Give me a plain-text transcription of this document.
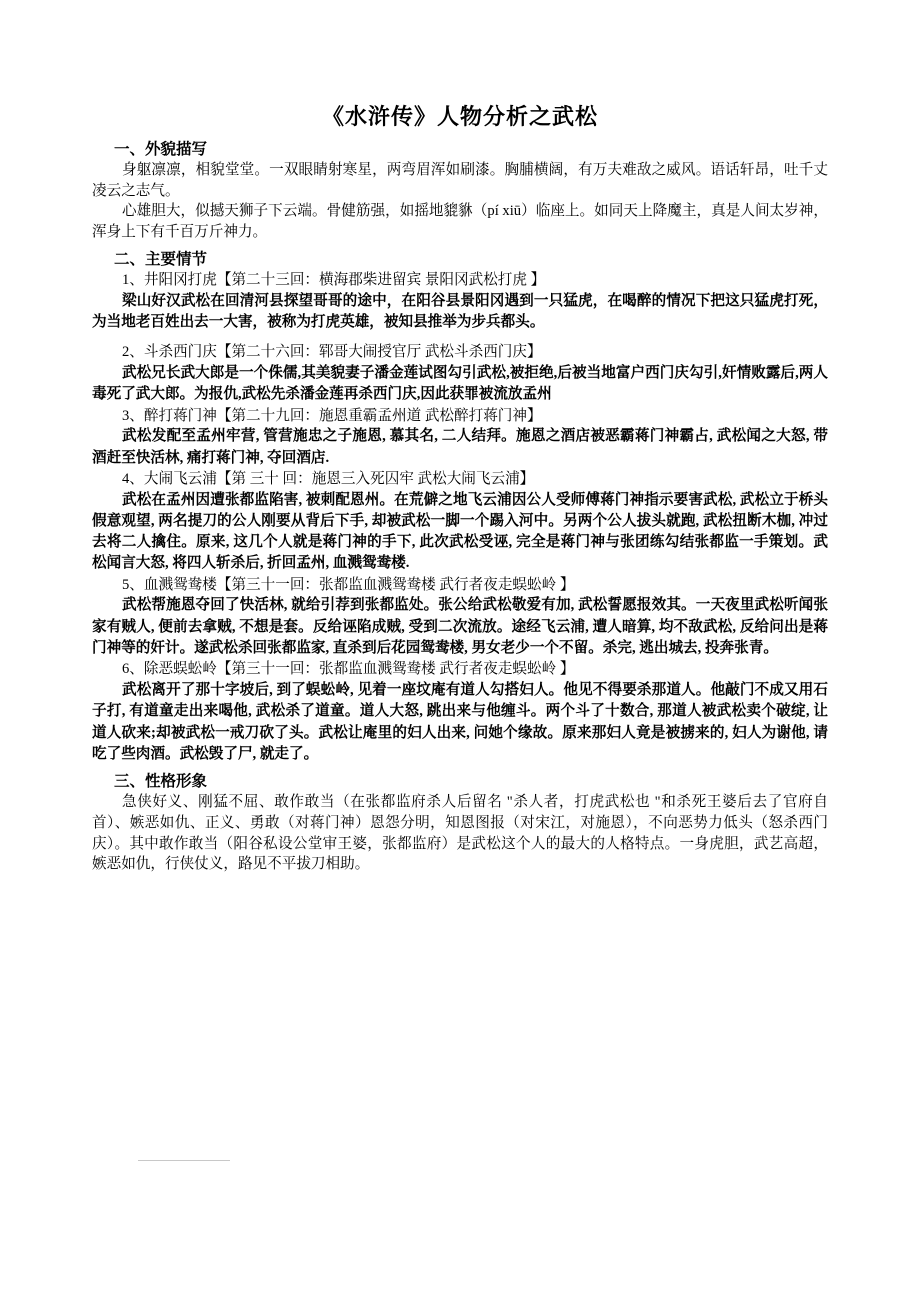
《水浒传》人物分析之武松
一、外貌描写

身躯凛凛，相貌堂堂。一双眼睛射寒星，两弯眉浑如刷漆。胸脯横阔，有万夫难敌之威风。语话轩昂，吐千丈凌云之志气。

心雄胆大，似撼天狮子下云端。骨健筋强，如摇地貔貅（pí xiū）临座上。如同天上降魔主，真是人间太岁神，浑身上下有千百万斤神力。

二、主要情节

1、井阳冈打虎【第二十三回：横海郡柴进留宾 景阳冈武松打虎 】

梁山好汉武松在回清河县探望哥哥的途中，在阳谷县景阳冈遇到一只猛虎，在喝醉的情况下把这只猛虎打死，为当地老百姓出去一大害，被称为打虎英雄，被知县推举为步兵都头。

2、斗杀西门庆【第二十六回：郓哥大闹授官厅 武松斗杀西门庆】

武松兄长武大郎是一个侏儒,其美貌妻子潘金莲试图勾引武松,被拒绝,后被当地富户西门庆勾引,奸情败露后,两人毒死了武大郎。为报仇,武松先杀潘金莲再杀西门庆,因此获罪被流放孟州

3、醉打蒋门神【第二十九回：施恩重霸孟州道 武松醉打蒋门神】

武松发配至孟州牢营, 管营施忠之子施恩, 慕其名, 二人结拜。施恩之酒店被恶霸蒋门神霸占, 武松闻之大怒, 带酒赶至快活林, 痛打蒋门神, 夺回酒店.

4、大闹飞云浦【第 三十 回：施恩三入死囚牢 武松大闹飞云浦】

武松在孟州因遭张都监陷害, 被刺配恩州。在荒僻之地飞云浦因公人受师傅蒋门神指示要害武松, 武松立于桥头假意观望, 两名提刀的公人刚要从背后下手, 却被武松一脚一个踢入河中。另两个公人拔头就跑, 武松扭断木枷, 冲过去将二人擒住。原来, 这几个人就是蒋门神的手下, 此次武松受诬, 完全是蒋门神与张团练勾结张都监一手策划。武松闻言大怒, 将四人斩杀后, 折回孟州, 血溅鸳鸯楼.

5、血溅鸳鸯楼【第三十一回：张都监血溅鸳鸯楼 武行者夜走蜈蚣岭 】

武松帮施恩夺回了快活林, 就给引荐到张都监处。张公给武松敬爱有加, 武松誓愿报效其。一天夜里武松听闻张家有贼人, 便前去拿贼, 不想是套。反给诬陷成贼, 受到二次流放。途经飞云浦, 遭人暗算, 均不敌武松, 反给问出是蒋门神等的奸计。遂武松杀回张都监家, 直杀到后花园鸳鸯楼, 男女老少一个不留。杀完, 逃出城去, 投奔张青。

6、除恶蜈蚣岭【第三十一回：张都监血溅鸳鸯楼 武行者夜走蜈蚣岭 】

武松离开了那十字坡后, 到了蜈蚣岭, 见着一座坟庵有道人勾搭妇人。他见不得要杀那道人。他敲门不成又用石子打, 有道童走出来喝他, 武松杀了道童。道人大怒, 跳出来与他缠斗。两个斗了十数合, 那道人被武松卖个破绽, 让道人砍来;却被武松一戒刀砍了头。武松让庵里的妇人出来, 问她个缘故。原来那妇人竟是被掳来的, 妇人为谢他, 请吃了些肉酒。武松毁了尸, 就走了。

三、性格形象

急侠好义、刚猛不屈、敢作敢当（在张都监府杀人后留名 "杀人者，打虎武松也 "和杀死王婆后去了官府自首）、嫉恶如仇、正义、勇敢（对蒋门神）恩怨分明，知恩图报（对宋江，对施恩），不向恶势力低头（怒杀西门庆）。其中敢作敢当（阳谷私设公堂审王婆，张都监府）是武松这个人的最大的人格特点。一身虎胆，武艺高超，嫉恶如仇，行侠仗义，路见不平拔刀相助。
